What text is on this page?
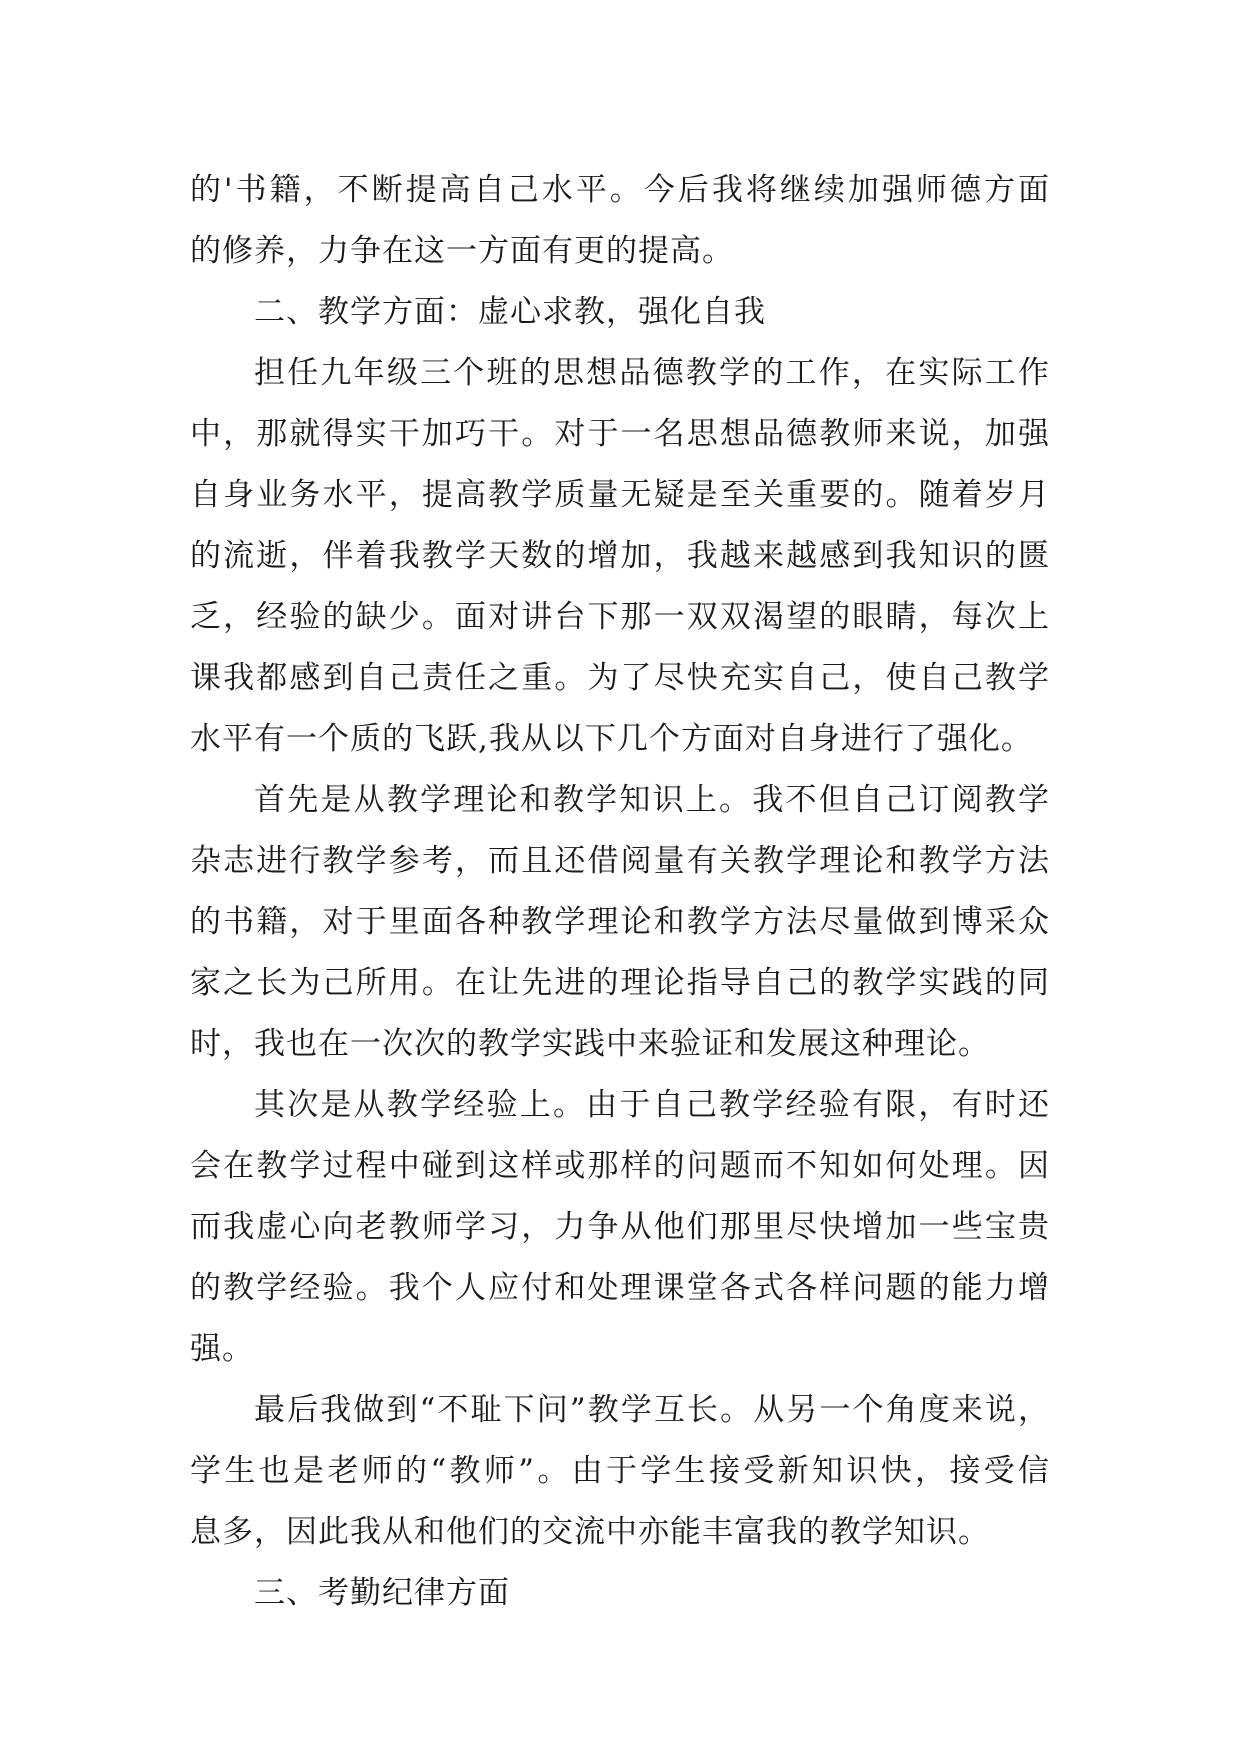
的'书籍，不断提高自己水平。今后我将继续加强师德方面
的修养，力争在这一方面有更的提高。
二、教学方面：虚心求教，强化自我
担任九年级三个班的思想品德教学的工作，在实际工作
中，那就得实干加巧干。对于一名思想品德教师来说，加强
自身业务水平，提高教学质量无疑是至关重要的。随着岁月
的流逝，伴着我教学天数的增加，我越来越感到我知识的匮
乏，经验的缺少。面对讲台下那一双双渴望的眼睛，每次上
课我都感到自己责任之重。为了尽快充实自己，使自己教学
水平有一个质的飞跃,我从以下几个方面对自身进行了强化。
首先是从教学理论和教学知识上。我不但自己订阅教学
杂志进行教学参考，而且还借阅量有关教学理论和教学方法
的书籍，对于里面各种教学理论和教学方法尽量做到博采众
家之长为己所用。在让先进的理论指导自己的教学实践的同
时，我也在一次次的教学实践中来验证和发展这种理论。
其次是从教学经验上。由于自己教学经验有限，有时还
会在教学过程中碰到这样或那样的问题而不知如何处理。因
而我虚心向老教师学习，力争从他们那里尽快增加一些宝贵
的教学经验。我个人应付和处理课堂各式各样问题的能力增
强。
最后我做到“不耻下问”教学互长。从另一个角度来说，
学生也是老师的“教师”。由于学生接受新知识快，接受信
息多，因此我从和他们的交流中亦能丰富我的教学知识。
三、考勤纪律方面
